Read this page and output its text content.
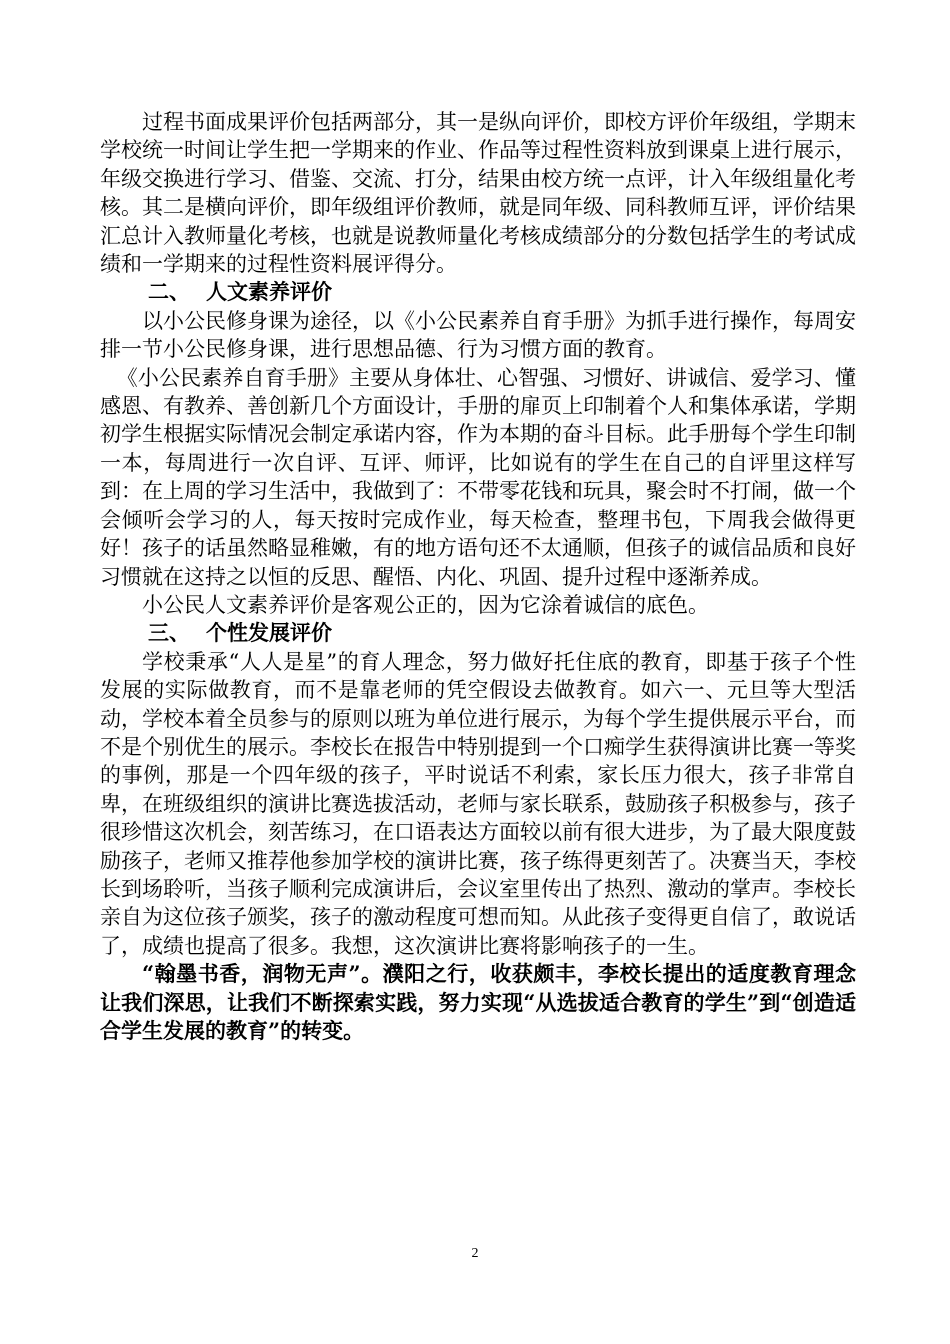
过程书面成果评价包括两部分，其一是纵向评价，即校方评价年级组，学期末学校统一时间让学生把一学期来的作业、作品等过程性资料放到课桌上进行展示，年级交换进行学习、借鉴、交流、打分，结果由校方统一点评，计入年级组量化考核。其二是横向评价，即年级组评价教师，就是同年级、同科教师互评，评价结果汇总计入教师量化考核，也就是说教师量化考核成绩部分的分数包括学生的考试成绩和一学期来的过程性资料展评得分。

二、 人文素养评价

以小公民修身课为途径，以《小公民素养自育手册》为抓手进行操作，每周安排一节小公民修身课，进行思想品德、行为习惯方面的教育。

《小公民素养自育手册》主要从身体壮、心智强、习惯好、讲诚信、爱学习、懂感恩、有教养、善创新几个方面设计，手册的扉页上印制着个人和集体承诺，学期初学生根据实际情况会制定承诺内容，作为本期的奋斗目标。此手册每个学生印制一本，每周进行一次自评、互评、师评，比如说有的学生在自己的自评里这样写到：在上周的学习生活中，我做到了：不带零花钱和玩具，聚会时不打闹，做一个会倾听会学习的人，每天按时完成作业，每天检查，整理书包，下周我会做得更好！孩子的话虽然略显稚嫩，有的地方语句还不太通顺，但孩子的诚信品质和良好习惯就在这持之以恒的反思、醒悟、内化、巩固、提升过程中逐渐养成。

小公民人文素养评价是客观公正的，因为它涂着诚信的底色。

三、 个性发展评价

学校秉承“人人是星”的育人理念，努力做好托住底的教育，即基于孩子个性发展的实际做教育，而不是靠老师的凭空假设去做教育。如六一、元旦等大型活动，学校本着全员参与的原则以班为单位进行展示，为每个学生提供展示平台，而不是个别优生的展示。李校长在报告中特别提到一个口痴学生获得演讲比赛一等奖的事例，那是一个四年级的孩子，平时说话不利索，家长压力很大，孩子非常自卑，在班级组织的演讲比赛选拔活动，老师与家长联系，鼓励孩子积极参与，孩子很珍惜这次机会，刻苦练习，在口语表达方面较以前有很大进步，为了最大限度鼓励孩子，老师又推荐他参加学校的演讲比赛，孩子练得更刻苦了。决赛当天，李校长到场聆听，当孩子顺利完成演讲后，会议室里传出了热烈、激动的掌声。李校长亲自为这位孩子颁奖，孩子的激动程度可想而知。从此孩子变得更自信了，敢说话了，成绩也提高了很多。我想，这次演讲比赛将影响孩子的一生。

“翰墨书香，润物无声”。濮阳之行，收获颇丰，李校长提出的适度教育理念让我们深思，让我们不断探索实践，努力实现“从选拔适合教育的学生”到“创造适合学生发展的教育”的转变。

2
